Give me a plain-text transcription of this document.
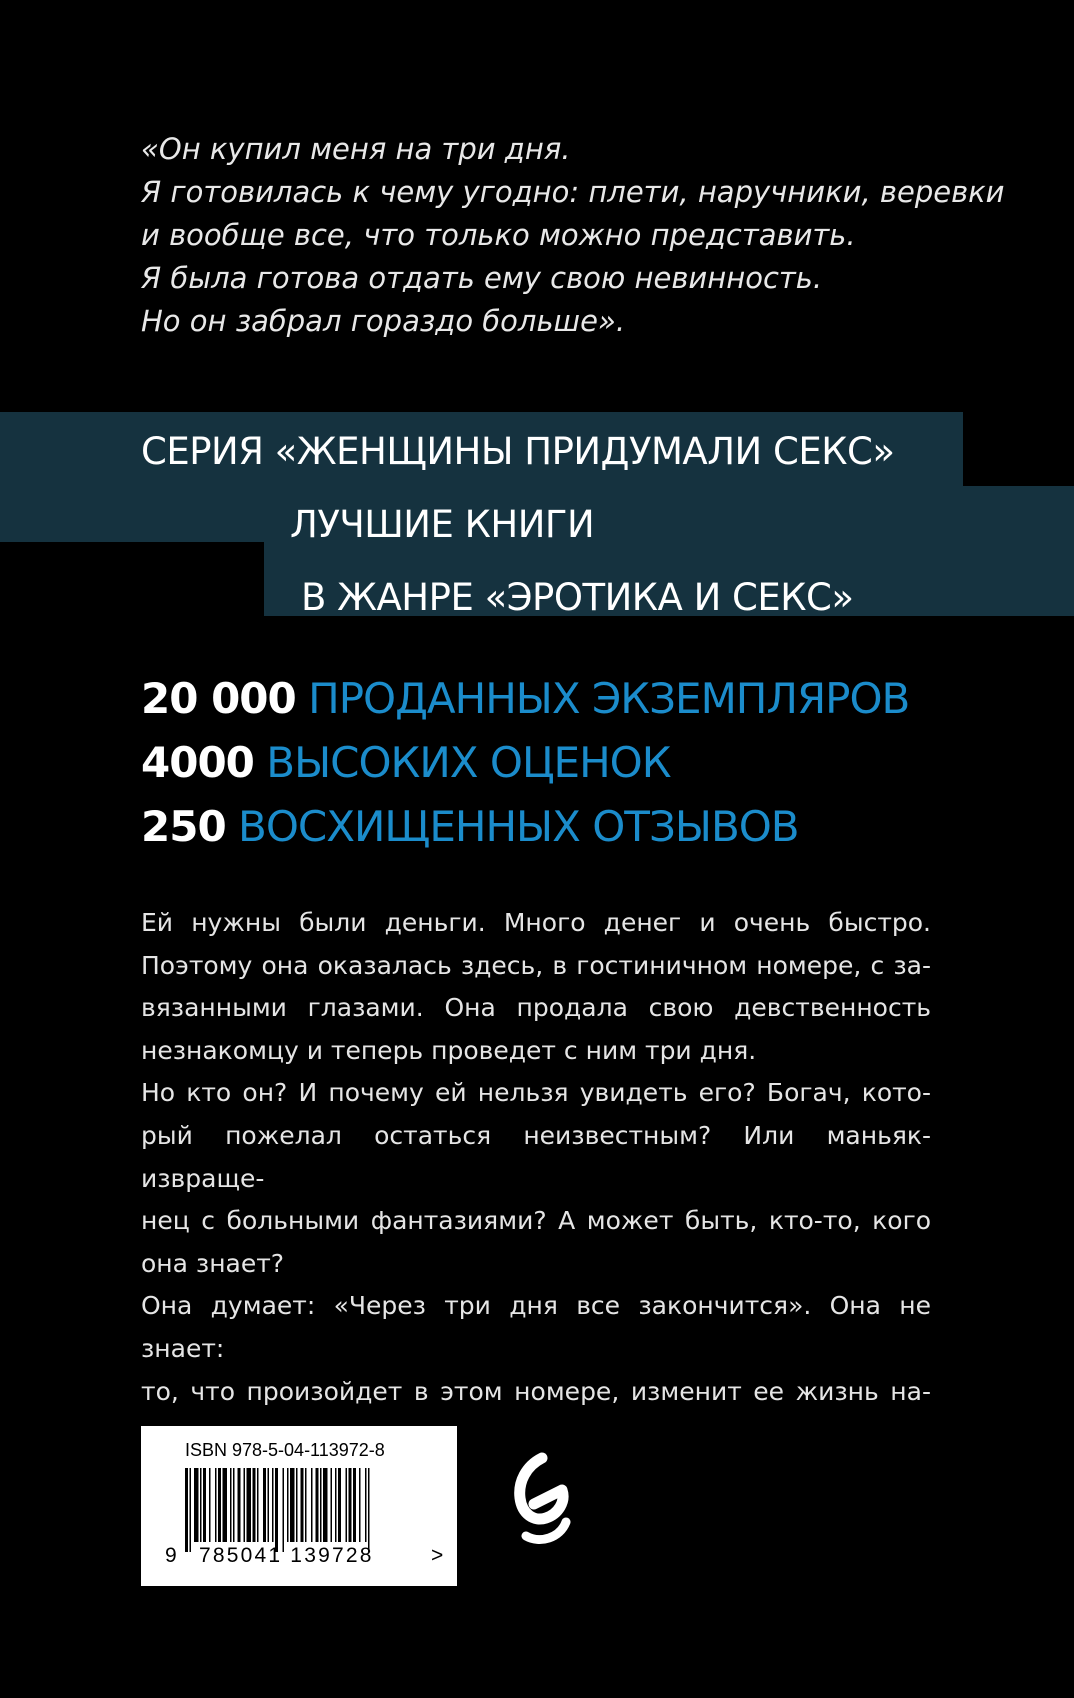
«Он купил меня на три дня.
Я готовилась к чему угодно: плети, наручники, веревки
и вообще все, что только можно представить.
Я была готова отдать ему свою невинность.
Но он забрал гораздо больше».
СЕРИЯ «ЖЕНЩИНЫ ПРИДУМАЛИ СЕКС»
ЛУЧШИЕ КНИГИ
В ЖАНРЕ «ЭРОТИКА И СЕКС»
20 000 ПРОДАННЫХ ЭКЗЕМПЛЯРОВ
4000 ВЫСОКИХ ОЦЕНОК
250 ВОСХИЩЕННЫХ ОТЗЫВОВ
Ей нужны были деньги. Много денег и очень быстро.
Поэтому она оказалась здесь, в гостиничном номере, с за-
вязанными глазами. Она продала свою девственность
незнакомцу и теперь проведет с ним три дня.
Но кто он? И почему ей нельзя увидеть его? Богач, кото-
рый пожелал остаться неизвестным? Или маньяк- извраще-
нец с больными фантазиями? А может быть, кто-то, кого
она знает?
Она думает: «Через три дня все закончится». Она не знает:
то, что произойдет в этом номере, изменит ее жизнь на-
ISBN 978-5-04-113972-8
9 785041 139728	>
